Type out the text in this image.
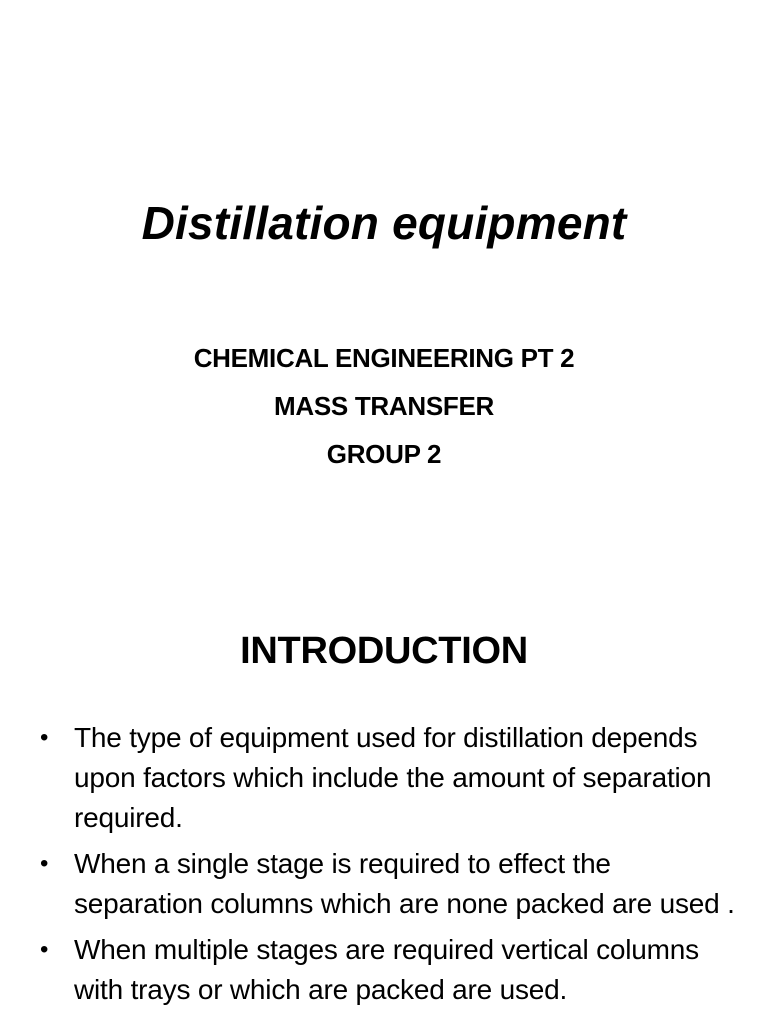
Distillation equipment
CHEMICAL ENGINEERING PT 2
MASS TRANSFER
GROUP 2
INTRODUCTION
• The type of equipment used for distillation depends upon factors which include the amount of separation required.
• When a single stage is required to effect the separation columns which are none packed are used .
• When multiple stages are required vertical columns with trays or which are packed are used.
